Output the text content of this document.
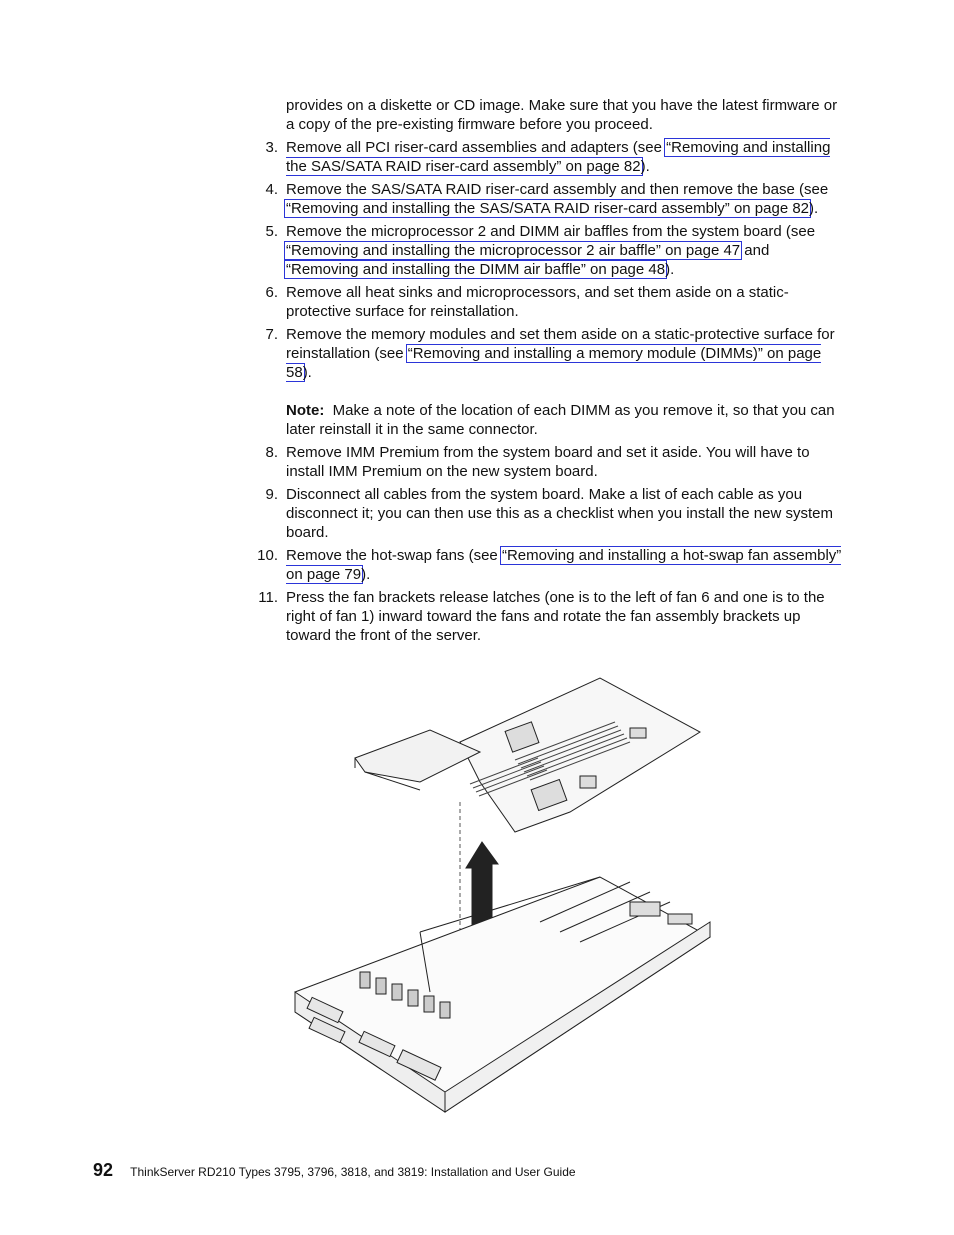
provides on a diskette or CD image. Make sure that you have the latest firmware or a copy of the pre-existing firmware before you proceed.

3. Remove all PCI riser-card assemblies and adapters (see “Removing and installing the SAS/SATA RAID riser-card assembly” on page 82).
4. Remove the SAS/SATA RAID riser-card assembly and then remove the base (see “Removing and installing the SAS/SATA RAID riser-card assembly” on page 82).
5. Remove the microprocessor 2 and DIMM air baffles from the system board (see “Removing and installing the microprocessor 2 air baffle” on page 47 and “Removing and installing the DIMM air baffle” on page 48).
6. Remove all heat sinks and microprocessors, and set them aside on a static-protective surface for reinstallation.
7. Remove the memory modules and set them aside on a static-protective surface for reinstallation (see “Removing and installing a memory module (DIMMs)” on page 58).

Note: Make a note of the location of each DIMM as you remove it, so that you can later reinstall it in the same connector.

8. Remove IMM Premium from the system board and set it aside. You will have to install IMM Premium on the new system board.
9. Disconnect all cables from the system board. Make a list of each cable as you disconnect it; you can then use this as a checklist when you install the new system board.
10. Remove the hot-swap fans (see “Removing and installing a hot-swap fan assembly” on page 79).
11. Press the fan brackets release latches (one is to the left of fan 6 and one is to the right of fan 1) inward toward the fans and rotate the fan assembly brackets up toward the front of the server.
92 ThinkServer RD210 Types 3795, 3796, 3818, and 3819: Installation and User Guide
